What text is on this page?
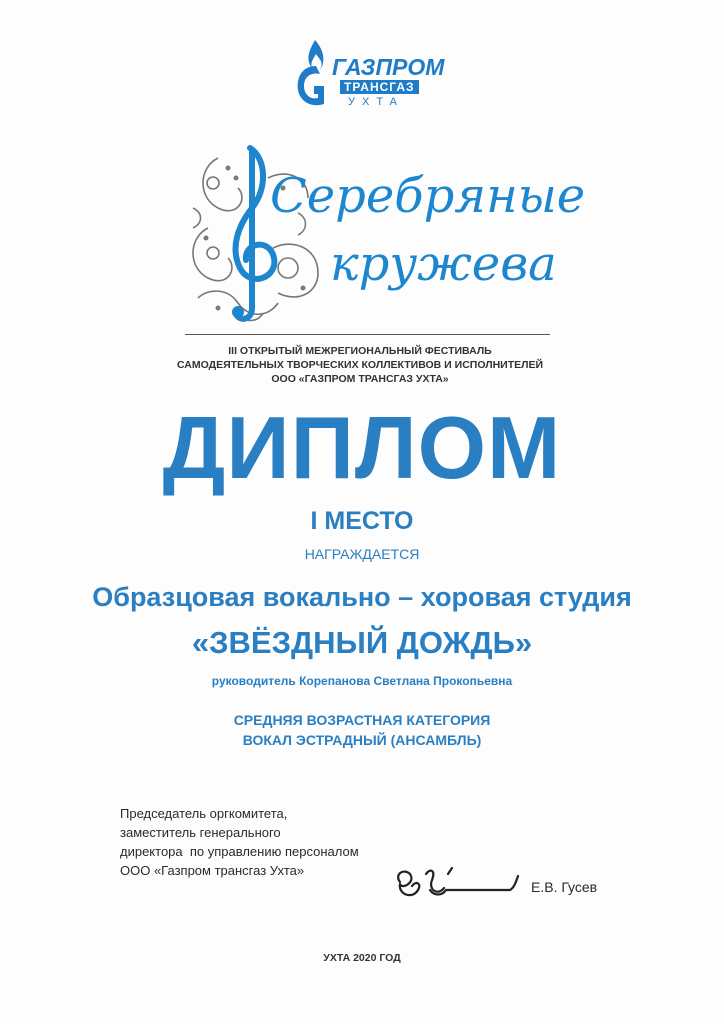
ГАЗПРОМ
ТРАНСГАЗ
УХТА
Серебряные
кружева
III ОТКРЫТЫЙ МЕЖРЕГИОНАЛЬНЫЙ ФЕСТИВАЛЬ
САМОДЕЯТЕЛЬНЫХ ТВОРЧЕСКИХ КОЛЛЕКТИВОВ И ИСПОЛНИТЕЛЕЙ
ООО «ГАЗПРОМ ТРАНСГАЗ УХТА»
ДИПЛОМ
I МЕСТО
НАГРАЖДАЕТСЯ
Образцовая вокально – хоровая студия
«ЗВЁЗДНЫЙ ДОЖДЬ»
руководитель Корепанова Светлана Прокопьевна
СРЕДНЯЯ ВОЗРАСТНАЯ КАТЕГОРИЯ
ВОКАЛ ЭСТРАДНЫЙ (АНСАМБЛЬ)
Председатель оргкомитета,
заместитель генерального
директора  по управлению персоналом
ООО «Газпром трансгаз Ухта»
Е.В. Гусев
УХТА 2020 ГОД
